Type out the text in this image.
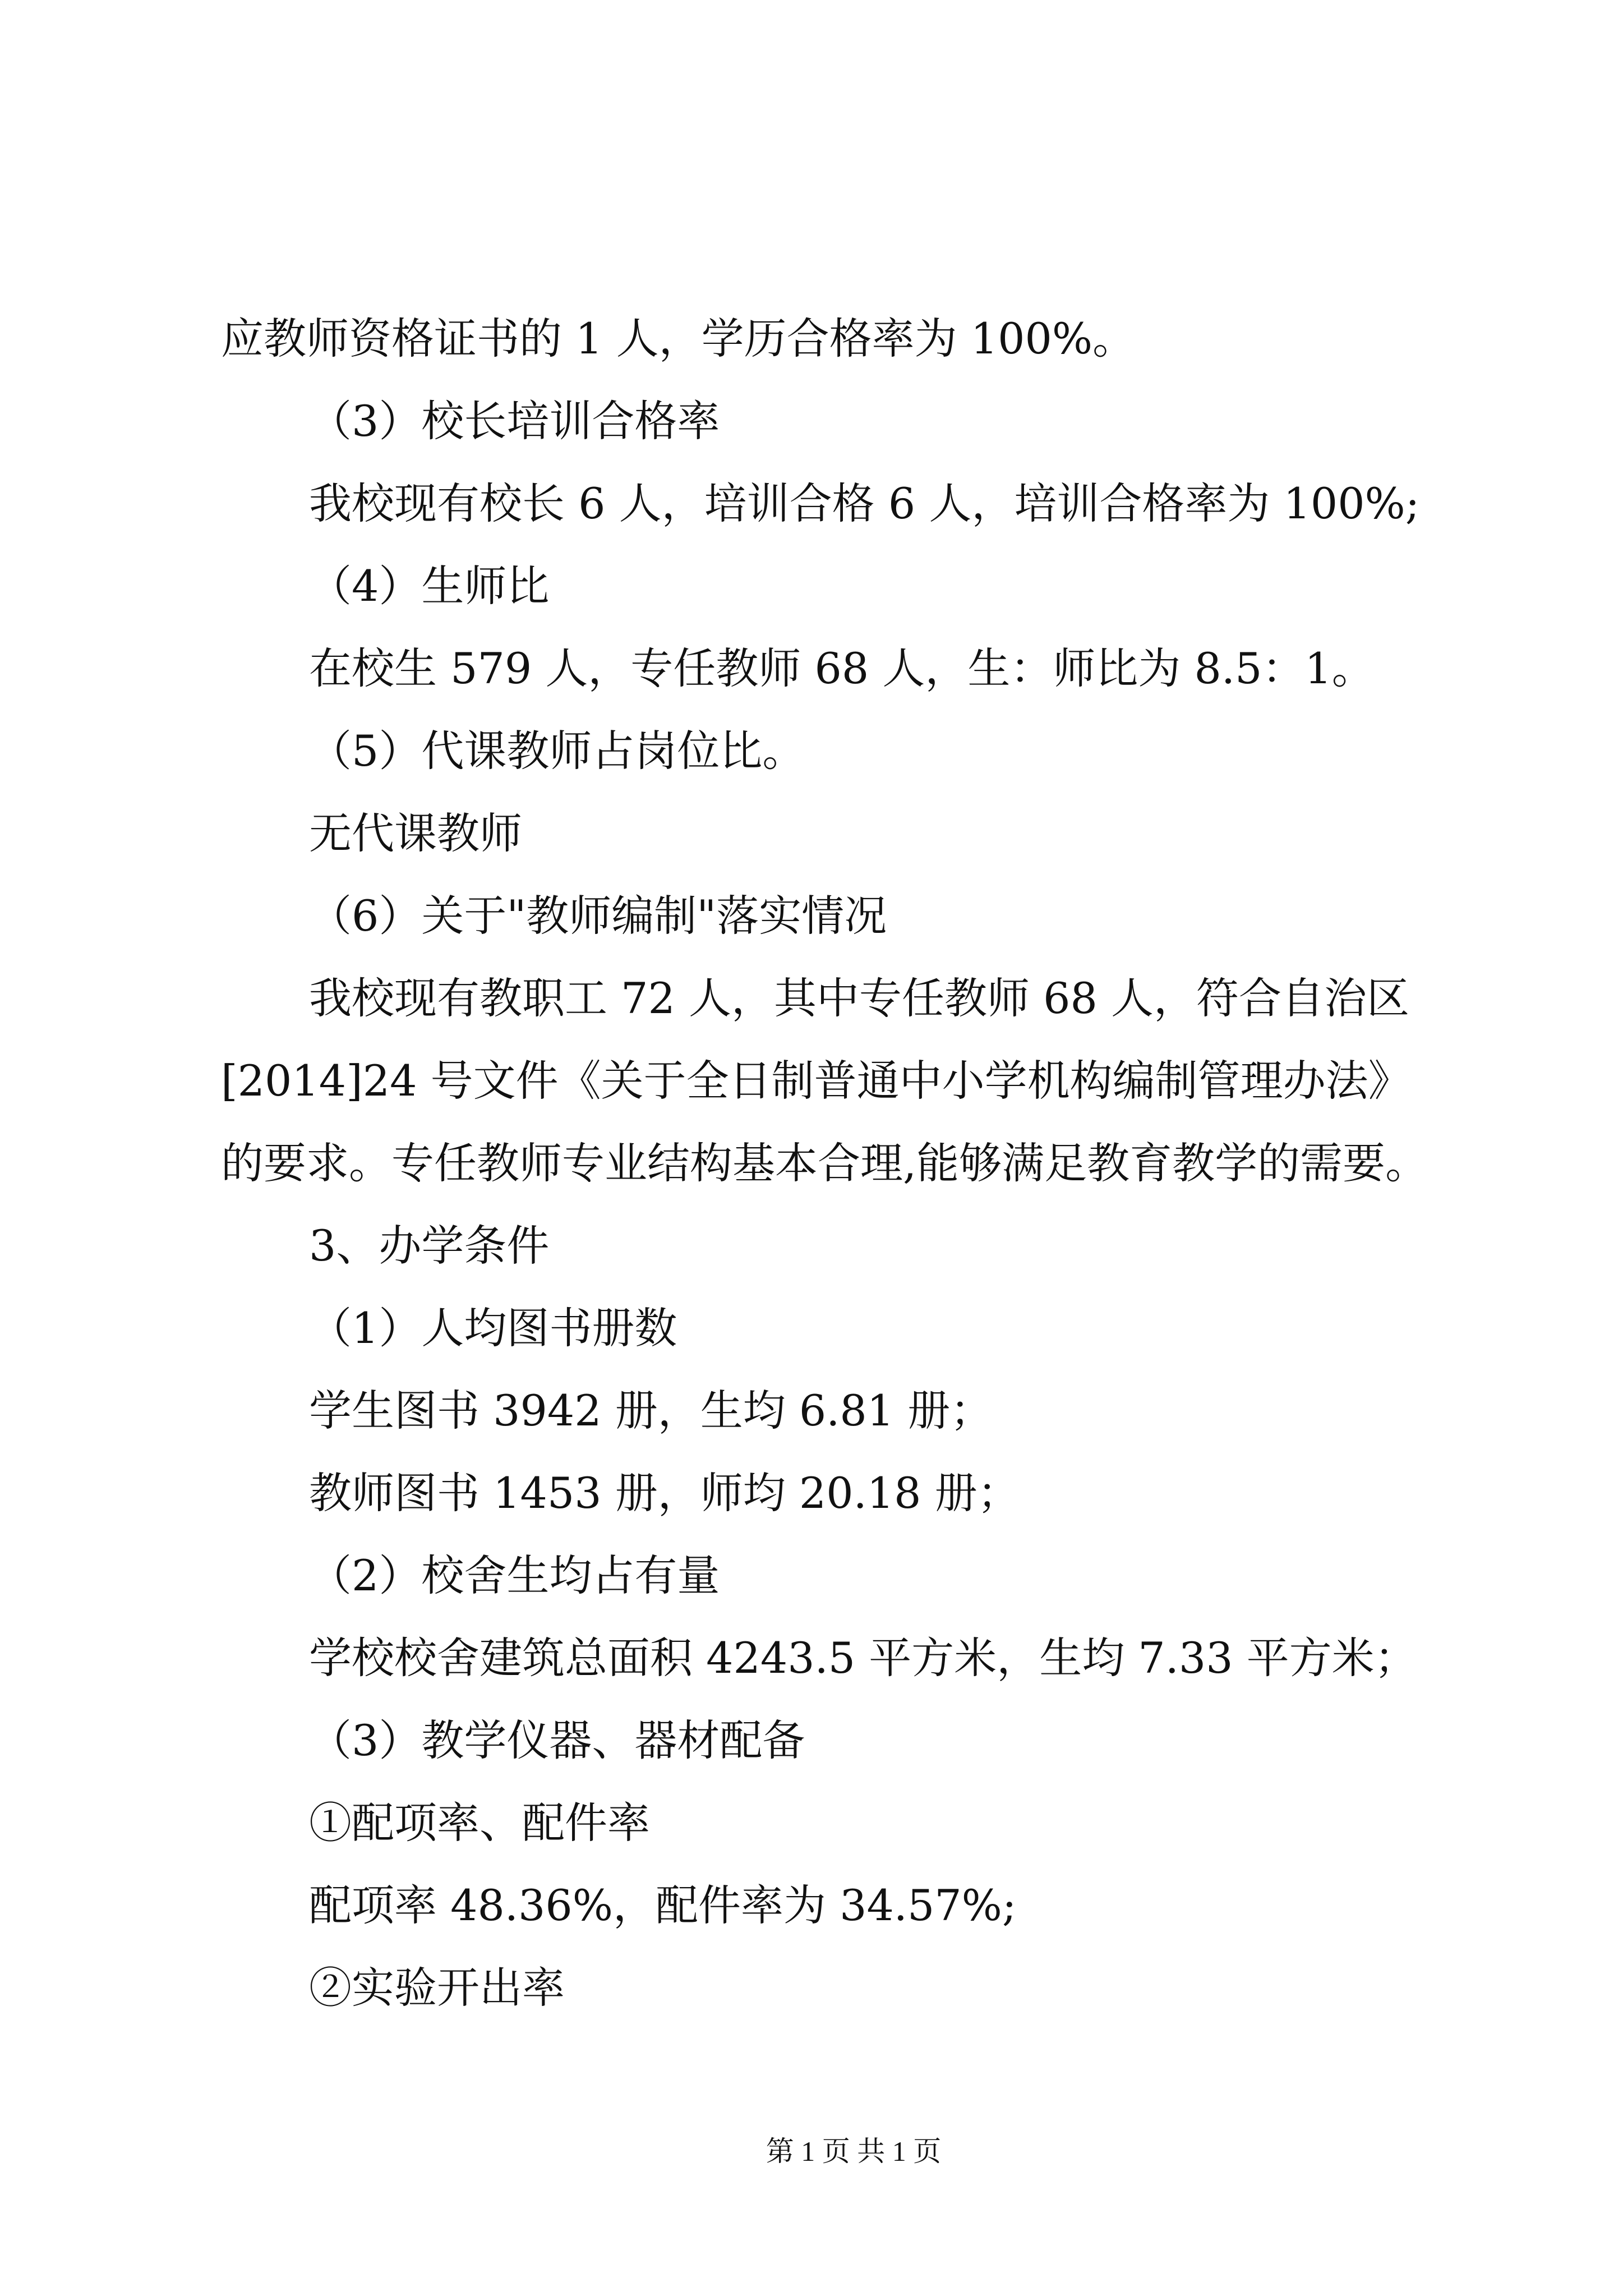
应教师资格证书的 1 人，学历合格率为 100%。

（3）校长培训合格率

我校现有校长 6 人，培训合格 6 人，培训合格率为 100%;

（4）生师比

在校生 579 人，专任教师 68 人，生：师比为 8.5：1。

（5）代课教师占岗位比。

无代课教师

（6）关于"教师编制"落实情况

我校现有教职工 72 人，其中专任教师 68 人，符合自治区

[2014]24 号文件《关于全日制普通中小学机构编制管理办法》

的要求。专任教师专业结构基本合理,能够满足教育教学的需要。

3、办学条件

（1）人均图书册数

学生图书 3942 册，生均 6.81 册；

教师图书 1453 册，师均 20.18 册；

（2）校舍生均占有量

学校校舍建筑总面积 4243.5 平方米，生均 7.33 平方米；

（3）教学仪器、器材配备

①配项率、配件率

配项率 48.36%，配件率为 34.57%;

②实验开出率

第 1 页 共 1 页
